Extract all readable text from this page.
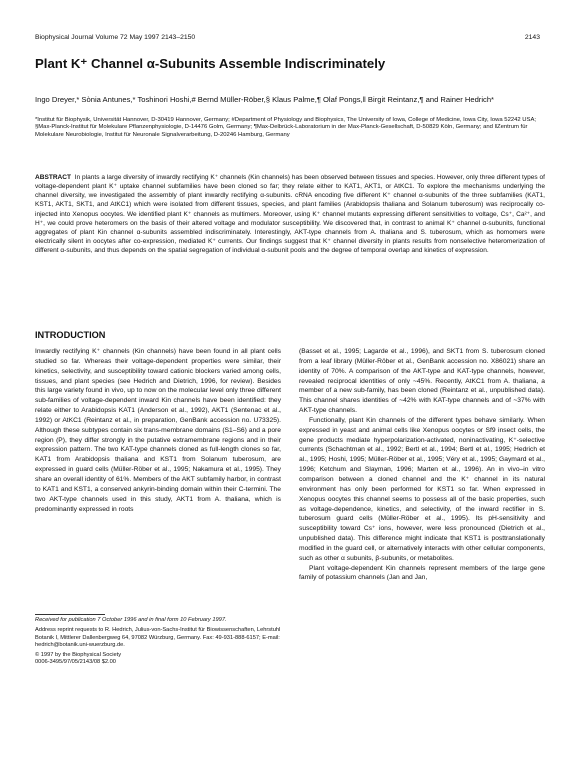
Biophysical Journal Volume 72 May 1997 2143–2150	2143
Plant K⁺ Channel α-Subunits Assemble Indiscriminately
Ingo Dreyer,* Sònia Antunes,* Toshinori Hoshi,# Bernd Müller-Röber,§ Klaus Palme,¶ Olaf Pongs,‖ Birgit Reintanz,¶ and Rainer Hedrich*
*Institut für Biophysik, Universität Hannover, D-30419 Hannover, Germany; #Department of Physiology and Biophysics, The University of Iowa, College of Medicine, Iowa City, Iowa 52242 USA; §Max-Planck-Institut für Molekulare Pflanzenphysiologie, D-14476 Golm, Germany; ¶Max-Delbrück-Laboratorium in der Max-Planck-Gesellschaft, D-50829 Köln, Germany; and ‖Zentrum für Molekulare Neurobiologie, Institut für Neuronale Signalverarbeitung, D-20246 Hamburg, Germany
ABSTRACT In plants a large diversity of inwardly rectifying K⁺ channels (Kin channels) has been observed between tissues and species. However, only three different types of voltage-dependent plant K⁺ uptake channel subfamilies have been cloned so far; they relate either to KAT1, AKT1, or AtKC1. To explore the mechanisms underlying the channel diversity, we investigated the assembly of plant inwardly rectifying α-subunits. cRNA encoding five different K⁺ channel α-subunits of the three subfamilies (KAT1, KST1, AKT1, SKT1, and AtKC1) which were isolated from different tissues, species, and plant families (Arabidopsis thaliana and Solanum tuberosum) was reciprocally co-injected into Xenopus oocytes. We identified plant K⁺ channels as multimers. Moreover, using K⁺ channel mutants expressing different sensitivities to voltage, Cs⁺, Ca²⁺, and H⁺, we could prove heteromers on the basis of their altered voltage and modulator susceptibility. We discovered that, in contrast to animal K⁺ channel α-subunits, functional aggregates of plant Kin channel α-subunits assembled indiscriminately. Interestingly, AKT-type channels from A. thaliana and S. tuberosum, which as homomers were electrically silent in oocytes after co-expression, mediated K⁺ currents. Our findings suggest that K⁺ channel diversity in plants results from nonselective heteromerization of different α-subunits, and thus depends on the spatial segregation of individual α-subunit pools and the degree of temporal overlap and kinetics of expression.
INTRODUCTION

Inwardly rectifying K⁺ channels (Kin channels) have been found in all plant cells studied so far. Whereas their voltage-dependent properties were similar, their kinetics, selectivity, and susceptibility toward cationic blockers varied among cells, tissues, and plant species (see Hedrich and Dietrich, 1996, for review). Besides this large variety found in vivo, up to now on the molecular level only three different sub-families of voltage-dependent inward Kin channels have been identified: they relate either to Arabidopsis KAT1 (Anderson et al., 1992), AKT1 (Sentenac et al., 1992) or AtKC1 (Reintanz et al., in preparation, GenBank accession no. U73325). Although these subtypes contain six trans-membrane domains (S1–S6) and a pore region (P), they differ strongly in the putative extramembrane regions and in their expression pattern. The two KAT-type channels cloned as full-length clones so far, KAT1 from Arabidopsis thaliana and KST1 from Solanum tuberosum, are expressed in guard cells (Müller-Röber et al., 1995; Nakamura et al., 1995). They share an overall identity of 61%. Members of the AKT subfamily harbor, in contrast to KAT1 and KST1, a conserved ankyrin-binding domain within their C-termini. The two AKT-type channels used in this study, AKT1 from A. thaliana, which is predominantly expressed in roots

(Basset et al., 1995; Lagarde et al., 1996), and SKT1 from S. tuberosum cloned from a leaf library (Müller-Röber et al., GenBank accession no. X86021) share an identity of 70%. A comparison of the AKT-type and KAT-type channels, however, revealed reciprocal identities of only ~45%. Recently, AtKC1 from A. thaliana, a member of a new sub-family, has been cloned (Reintanz et al., unpublished data). This channel shares identities of ~42% with KAT-type channels and of ~37% with AKT-type channels.

Functionally, plant Kin channels of the different types behave similarly. When expressed in yeast and animal cells like Xenopus oocytes or Sf9 insect cells, the gene products mediate hyperpolarization-activated, noninactivating, K⁺-selective currents (Schachtman et al., 1992; Bertl et al., 1994; Bertl et al., 1995; Hedrich et al., 1995; Hoshi, 1995; Müller-Röber et al., 1995; Véry et al., 1995; Gaymard et al., 1996; Ketchum and Slayman, 1996; Marten et al., 1996). An in vivo–in vitro comparison between a cloned channel and the K⁺ channel in its natural environment has only been performed for KST1 so far. When expressed in Xenopus oocytes this channel seems to possess all of the basic properties, such as voltage-dependence, kinetics, and selectivity, of the inward rectifier in S. tuberosum guard cells (Müller-Röber et al., 1995). Its pH-sensitivity and susceptibility toward Cs⁺ ions, however, were less pronounced (Dietrich et al., unpublished data). This difference might indicate that KST1 is posttranslationally modified in the guard cell, or alternatively interacts with other cellular components, such as other α subunits, β-subunits, or metabolites.

Plant voltage-dependent Kin channels represent members of the large gene family of potassium channels (Jan and Jan,

Received for publication 7 October 1996 and in final form 10 February 1997.
Address reprint requests to R. Hedrich, Julius-von-Sachs-Institut für Biowissenschaften, Lehrstuhl Botanik I, Mittlerer Dallenbergweg 64, 97082 Würzburg, Germany. Fax: 49-931-888-6157; E-mail: hedrich@botanik.uni-wuerzburg.de.
© 1997 by the Biophysical Society
0006-3495/97/05/2143/08 $2.00
